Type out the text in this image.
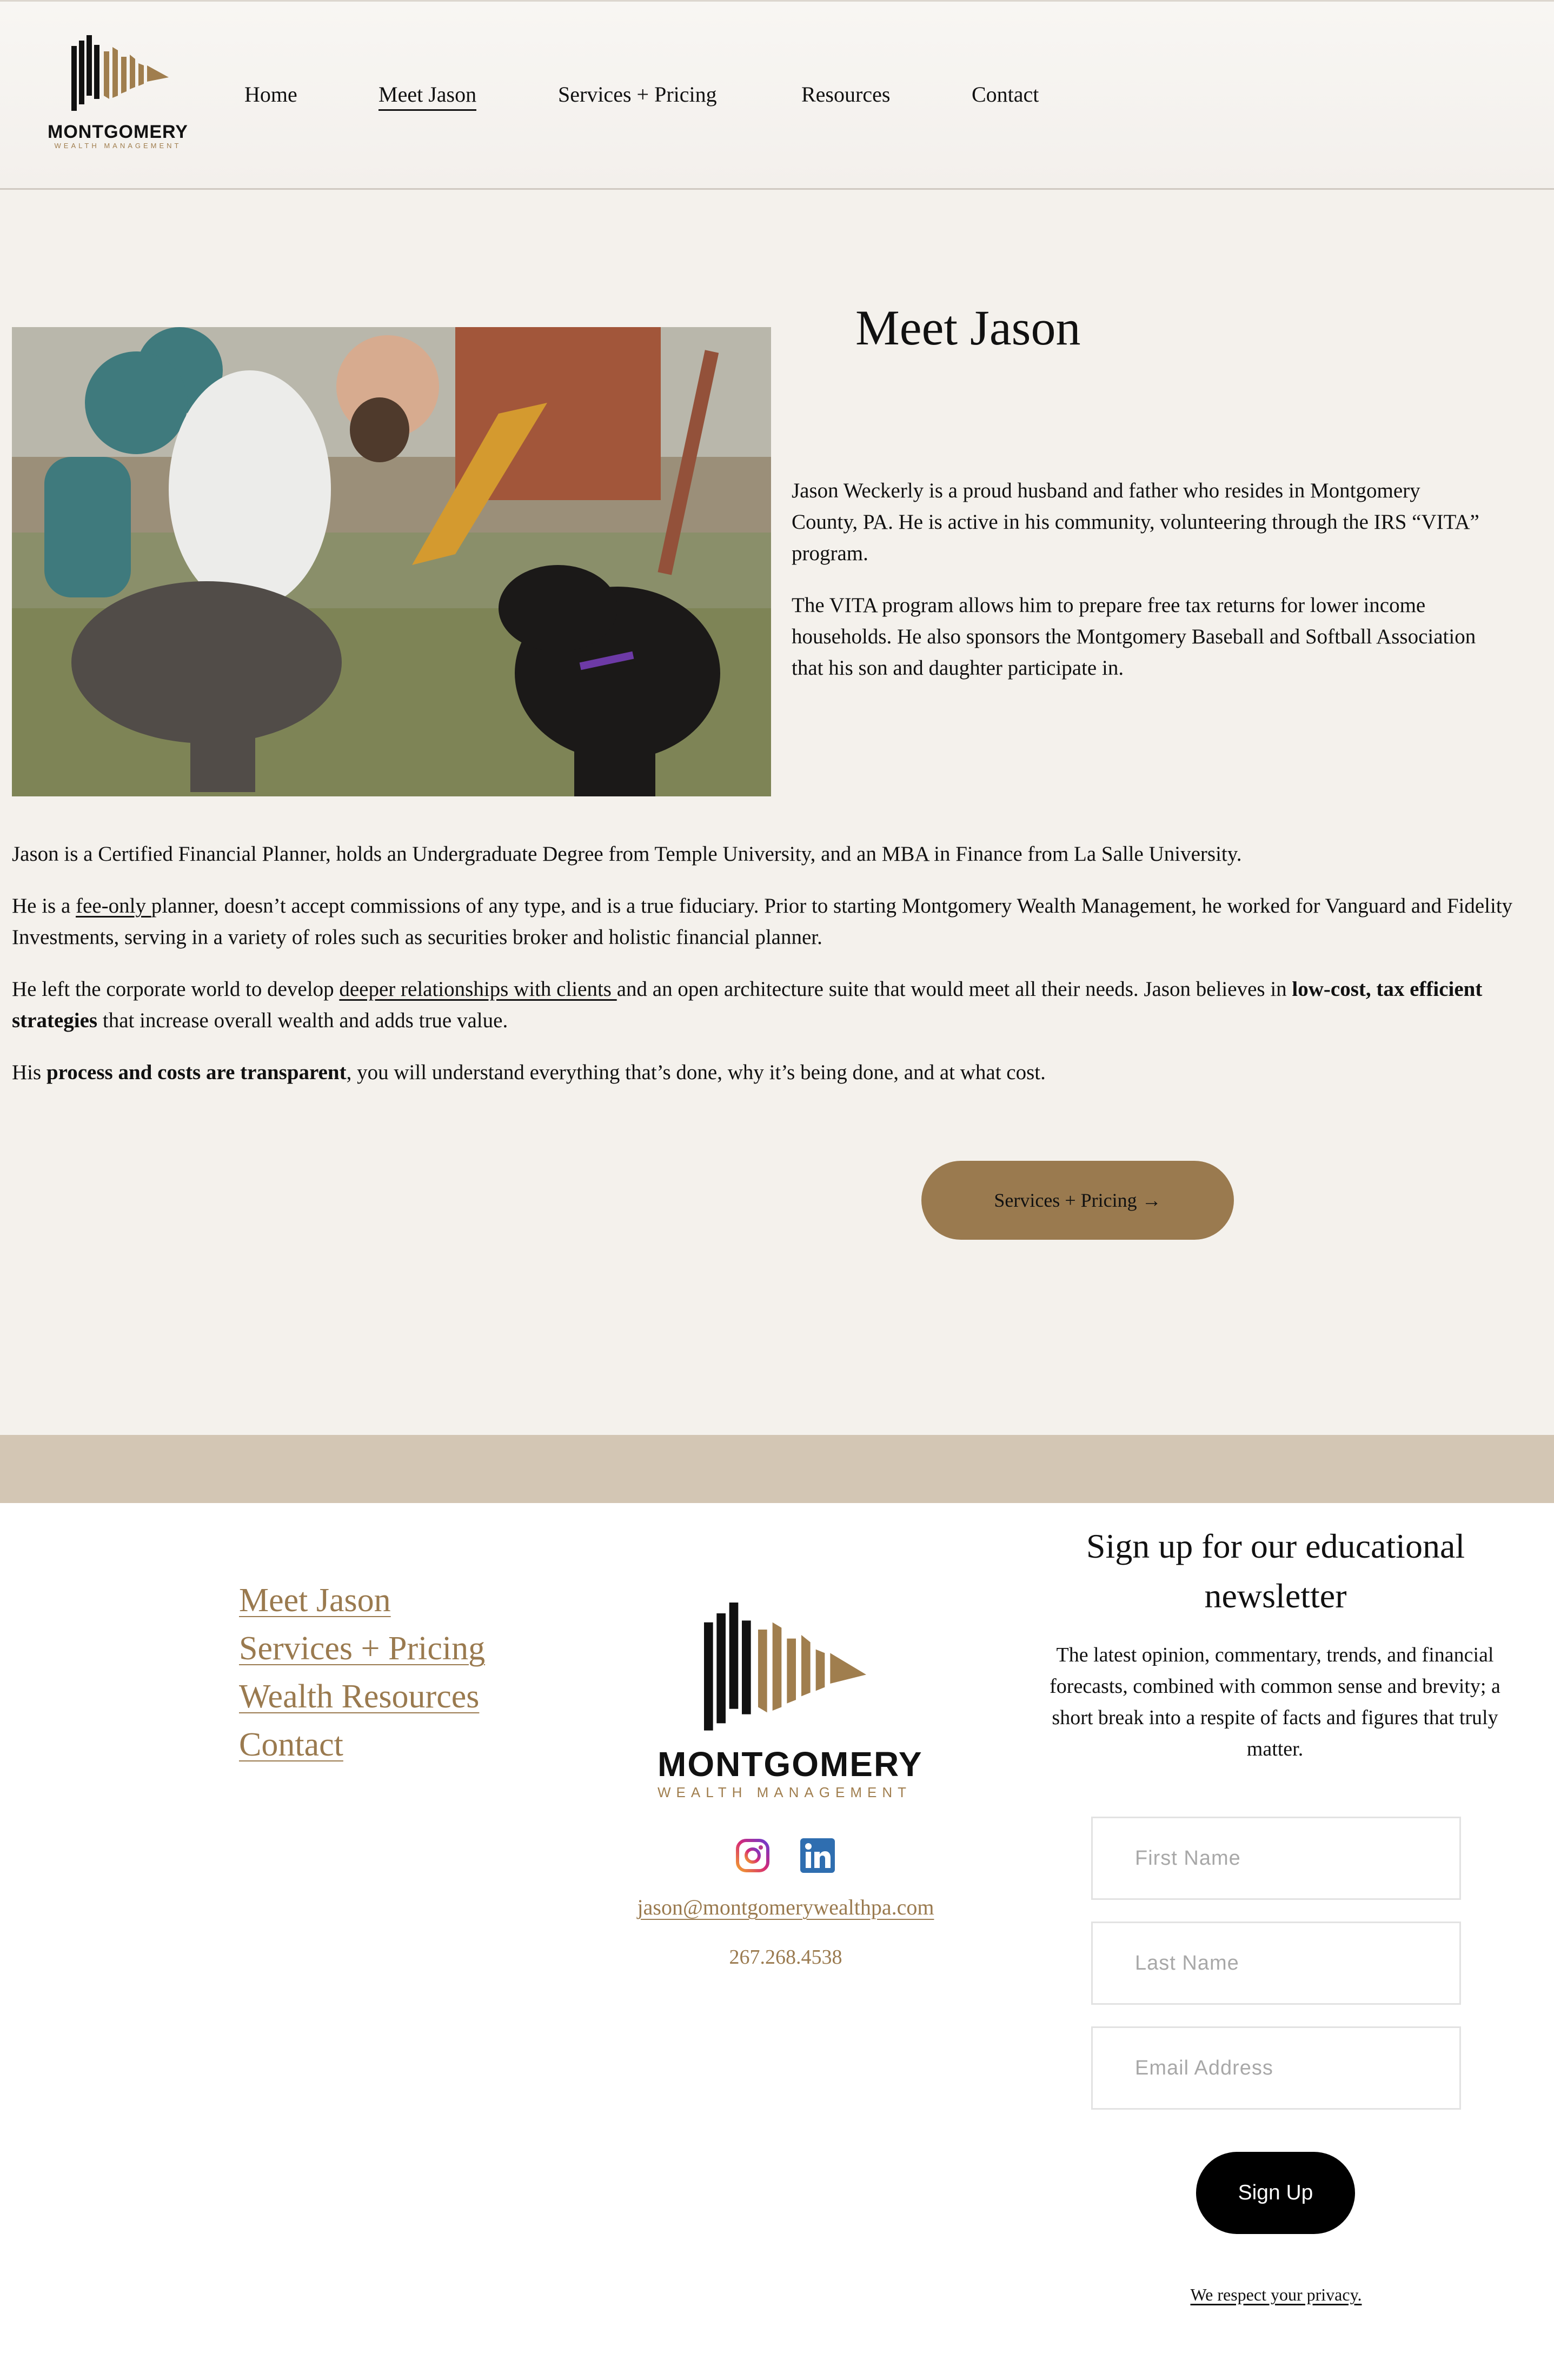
MONTGOMERY
WEALTH MANAGEMENT
Home	Meet Jason	Services + Pricing	Resources	Contact
Meet Jason

Jason Weckerly is a proud husband and father who resides in Montgomery County, PA. He is active in his community, volunteering through the IRS “VITA” program.

The VITA program allows him to prepare free tax returns for lower income households. He also sponsors the Montgomery Baseball and Softball Association that his son and daughter participate in.

Jason is a Certified Financial Planner, holds an Undergraduate Degree from Temple University, and an MBA in Finance from La Salle University.

He is a fee-only planner, doesn’t accept commissions of any type, and is a true fiduciary. Prior to starting Montgomery Wealth Management, he worked for Vanguard and Fidelity Investments, serving in a variety of roles such as securities broker and holistic financial planner.

He left the corporate world to develop deeper relationships with clients and an open architecture suite that would meet all their needs. Jason believes in low-cost, tax efficient strategies that increase overall wealth and adds true value.

His process and costs are transparent, you will understand everything that’s done, why it’s being done, and at what cost.

Services + Pricing →
Meet Jason
Services + Pricing
Wealth Resources
Contact	MONTGOMERY
WEALTH MANAGEMENT
jason@montgomerywealthpa.com
267.268.4538
Sign up for our educational newsletter
The latest opinion, commentary, trends, and financial forecasts, combined with common sense and brevity; a short break into a respite of facts and figures that truly matter.
First Name
Last Name
Email Address
Sign Up
We respect your privacy.
